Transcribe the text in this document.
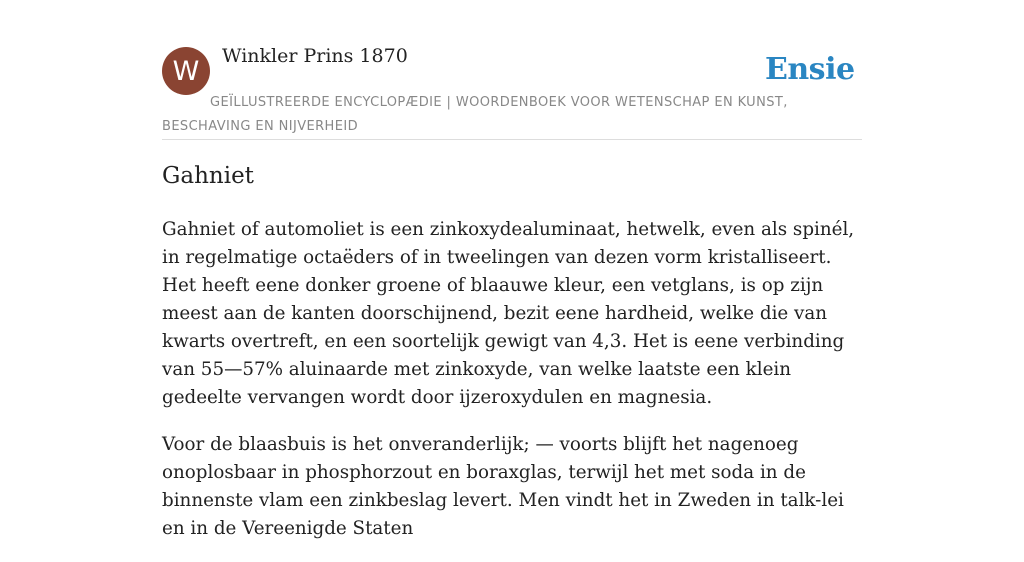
W Winkler Prins 1870	Ensie
GEÏLLUSTREERDE ENCYCLOPÆDIE | WOORDENBOEK VOOR WETENSCHAP EN KUNST, BESCHAVING EN NIJVERHEID
Gahniet

Gahniet of automoliet is een zinkoxydealuminaat, hetwelk, even als spinél, in regelmatige octaëders of in tweelingen van dezen vorm kristalliseert. Het heeft eene donker groene of blaauwe kleur, een vetglans, is op zijn meest aan de kanten doorschijnend, bezit eene hardheid, welke die van kwarts overtreft, en een soortelijk gewigt van 4,3. Het is eene verbinding van 55—57% aluinaarde met zinkoxyde, van welke laatste een klein gedeelte vervangen wordt door ijzeroxydulen en magnesia.

Voor de blaasbuis is het onveranderlijk; — voorts blijft het nagenoeg onoplosbaar in phosphorzout en boraxglas, terwijl het met soda in de binnenste vlam een zinkbeslag levert. Men vindt het in Zweden in talk-lei en in de Vereenigde Staten
